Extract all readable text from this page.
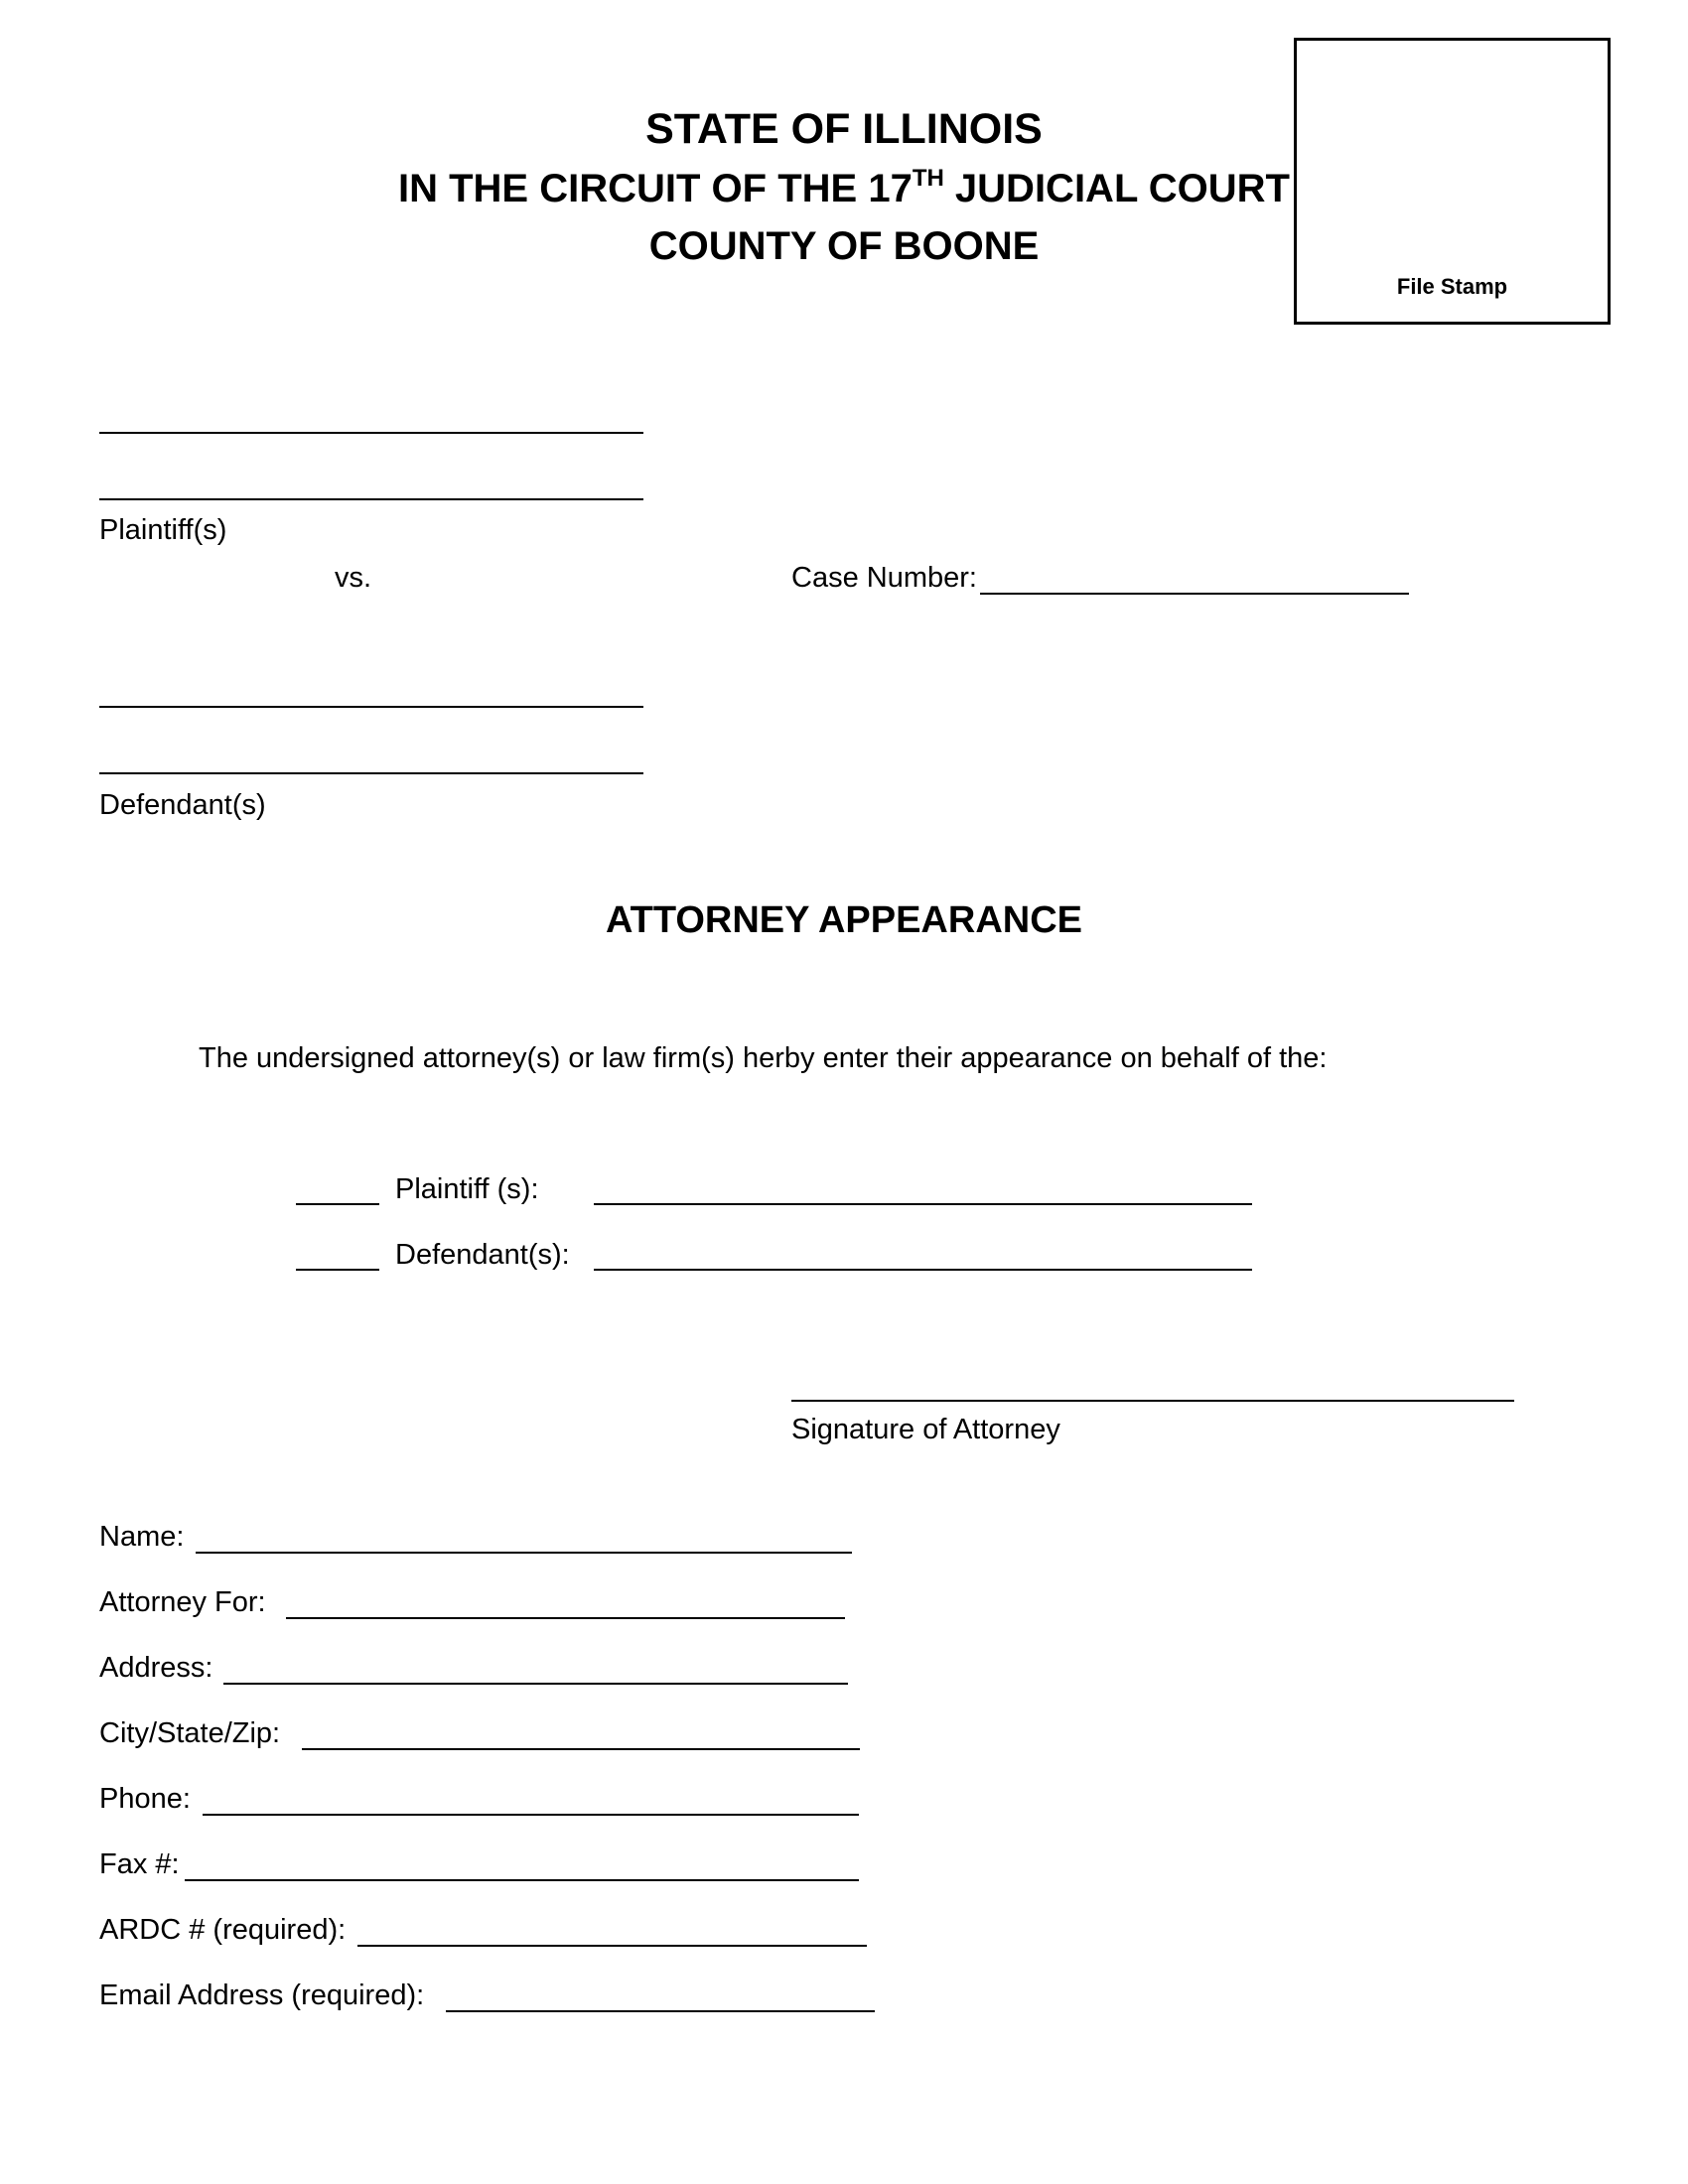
STATE OF ILLINOIS
IN THE CIRCUIT OF THE 17TH JUDICIAL COURT
COUNTY OF BOONE
File Stamp
Plaintiff(s)
vs.	Case Number:
Defendant(s)
ATTORNEY APPEARANCE
The undersigned attorney(s) or law firm(s) herby enter their appearance on behalf of the:
Plaintiff (s):
Defendant(s):
Signature of Attorney
Name:
Attorney For:
Address:
City/State/Zip:
Phone:
Fax #:
ARDC # (required):
Email Address (required):
